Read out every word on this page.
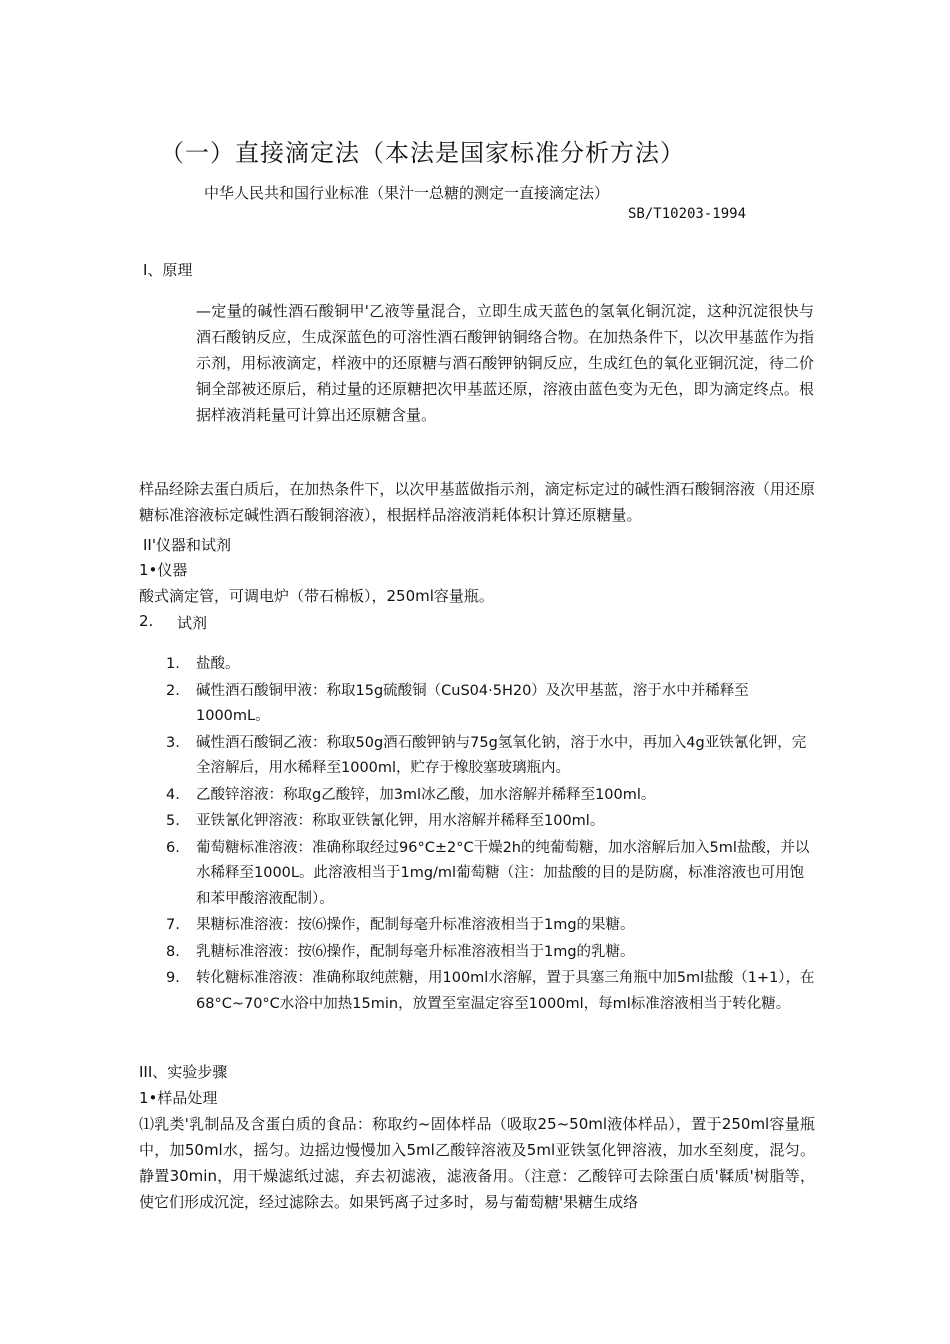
（一）直接滴定法（本法是国家标准分析方法）
中华人民共和国行业标准（果汁一总糖的测定一直接滴定法）
SB/T10203-1994
I、原理
—定量的碱性酒石酸铜甲'乙液等量混合，立即生成天蓝色的氢氧化铜沉淀，这种沉淀很快与酒石酸钠反应，生成深蓝色的可溶性酒石酸钾钠铜络合物。在加热条件下，以次甲基蓝作为指示剂，用标液滴定，样液中的还原糖与酒石酸钾钠铜反应，生成红色的氧化亚铜沉淀，待二价铜全部被还原后，稍过量的还原糖把次甲基蓝还原，溶液由蓝色变为无色，即为滴定终点。根据样液消耗量可计算出还原糖含量。
样品经除去蛋白质后，在加热条件下，以次甲基蓝做指示剂，滴定标定过的碱性酒石酸铜溶液（用还原糖标准溶液标定碱性酒石酸铜溶液），根据样品溶液消耗体积计算还原糖量。
II'仪器和试剂
1•仪器
酸式滴定管，可调电炉（带石棉板），250ml容量瓶。
2. 试剂
1.	盐酸。
2.	碱性酒石酸铜甲液：称取15g硫酸铜（CuS04·5H20）及次甲基蓝，溶于水中并稀释至1000mL。
3.	碱性酒石酸铜乙液：称取50g酒石酸钾钠与75g氢氧化钠，溶于水中，再加入4g亚铁氰化钾，完全溶解后，用水稀释至1000ml，贮存于橡胶塞玻璃瓶内。
4.	乙酸锌溶液：称取g乙酸锌，加3ml冰乙酸，加水溶解并稀释至100ml。
5.	亚铁氰化钾溶液：称取亚铁氰化钾，用水溶解并稀释至100ml。
6.	葡萄糖标准溶液：准确称取经过96°C±2°C干燥2h的纯葡萄糖，加水溶解后加入5ml盐酸，并以水稀释至1000L。此溶液相当于1mg/ml葡萄糖（注：加盐酸的目的是防腐，标准溶液也可用饱和苯甲酸溶液配制）。
7.	果糖标准溶液：按⑹操作，配制每毫升标准溶液相当于1mg的果糖。
8.	乳糖标准溶液：按⑹操作，配制每毫升标准溶液相当于1mg的乳糖。
9.	转化糖标准溶液：准确称取纯蔗糖，用100ml水溶解，置于具塞三角瓶中加5ml盐酸（1+1），在68°C~70°C水浴中加热15min，放置至室温定容至1000ml，每ml标准溶液相当于转化糖。
III、实验步骤
1•样品处理
⑴乳类'乳制品及含蛋白质的食品：称取约~固体样品（吸取25~50ml液体样品），置于250ml容量瓶中，加50ml水，摇匀。边摇边慢慢加入5ml乙酸锌溶液及5ml亚铁氢化钾溶液，加水至刻度，混匀。静置30min，用干燥滤纸过滤，弃去初滤液，滤液备用。（注意：乙酸锌可去除蛋白质'鞣质'树脂等，使它们形成沉淀，经过滤除去。如果钙离子过多时，易与葡萄糖'果糖生成络
